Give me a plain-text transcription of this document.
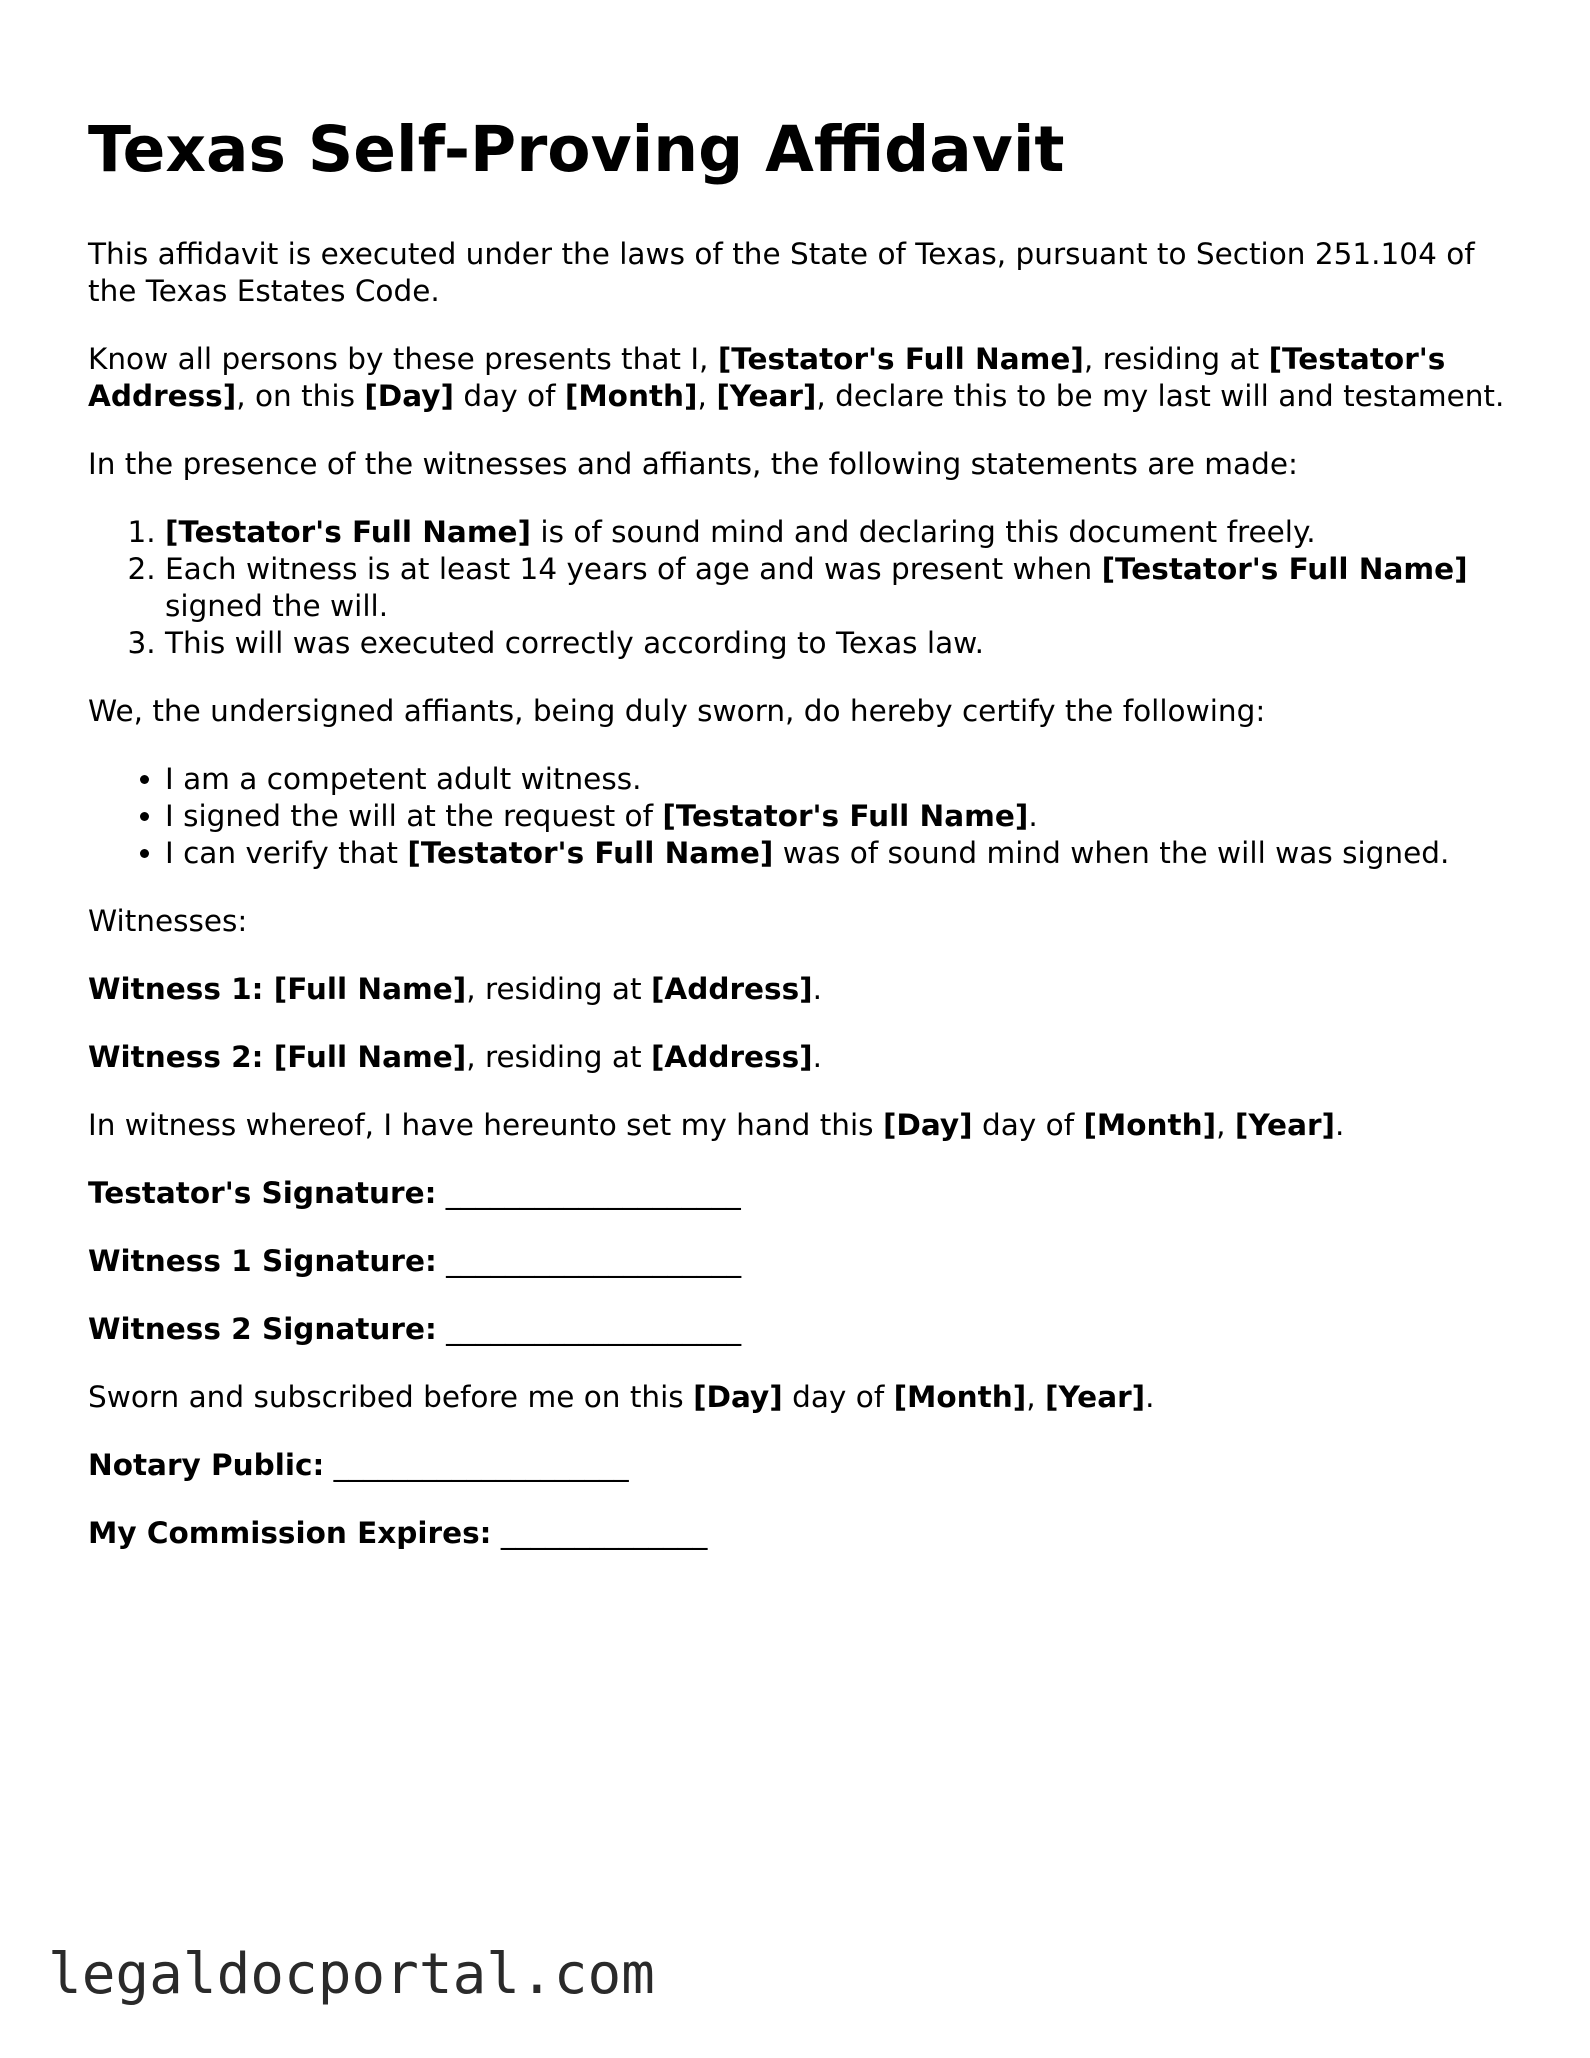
Texas Self-Proving Affidavit

This affidavit is executed under the laws of the State of Texas, pursuant to Section 251.104 of the Texas Estates Code.

Know all persons by these presents that I, [Testator's Full Name], residing at [Testator's Address], on this [Day] day of [Month], [Year], declare this to be my last will and testament.

In the presence of the witnesses and affiants, the following statements are made:

1. [Testator's Full Name] is of sound mind and declaring this document freely.
2. Each witness is at least 14 years of age and was present when [Testator's Full Name] signed the will.
3. This will was executed correctly according to Texas law.

We, the undersigned affiants, being duly sworn, do hereby certify the following:

• I am a competent adult witness.
• I signed the will at the request of [Testator's Full Name].
• I can verify that [Testator's Full Name] was of sound mind when the will was signed.

Witnesses:

Witness 1: [Full Name], residing at [Address].

Witness 2: [Full Name], residing at [Address].

In witness whereof, I have hereunto set my hand this [Day] day of [Month], [Year].

Testator's Signature: ____________________

Witness 1 Signature: ____________________

Witness 2 Signature: ____________________

Sworn and subscribed before me on this [Day] day of [Month], [Year].

Notary Public: ____________________

My Commission Expires: ______________

legaldocportal.com
